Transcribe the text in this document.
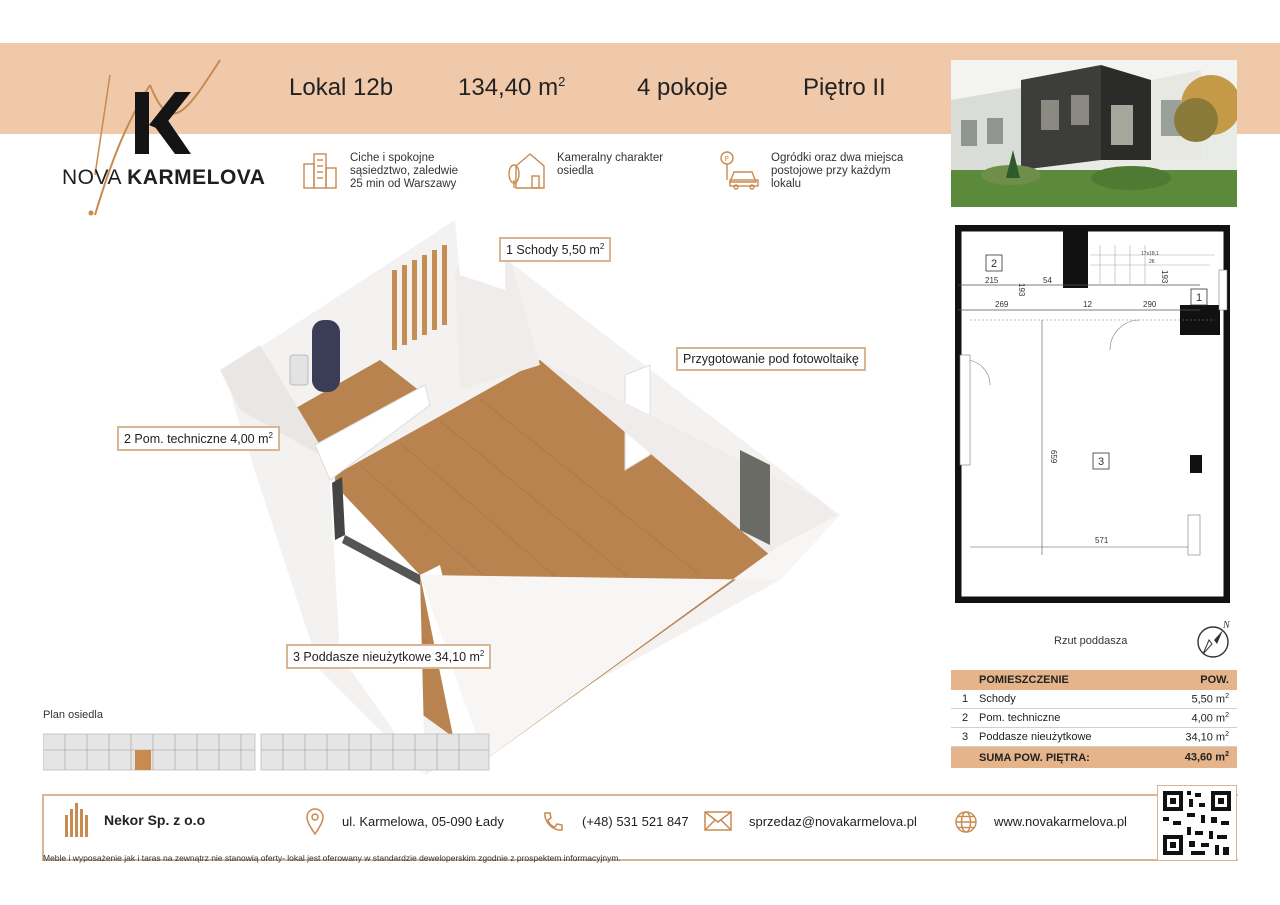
NOVA KARMELOVA
Lokal 12b	134,40 $m^2$	4 pokoje	Piętro II
Ciche i spokojne sąsiedztwo, zaledwie 25 min od Warszawy
Kameralny charakter osiedla
P	Ogródki oraz dwa miejsca postojowe przy każdym lokalu
1 Schody 5,50 $m^2$
Przygotowanie pod fotowoltaikę
2 Pom. techniczne 4,00 $m^2$
3 Poddasze nieużytkowe 34,10 $m^2$
Plan osiedla
215
193
54	193
269	12	290
659
571
17x18,1
26
2
1
3
Rzut poddasza
N
POMIESZCZENIE	POW.
1 Schody	5,50 $m^2$
2 Pom. techniczne	4,00 $m^2$
3 Poddasze nieużytkowe	34,10 $m^2$
SUMA POW. PIĘTRA:	43,60 $m^2$
Nekor Sp. z o.o	ul. Karmelowa, 05-090 Łady	(+48) 531 521 847	sprzedaz@novakarmelova.pl	www.novakarmelova.pl
Meble i wyposażenie jak i taras na zewnątrz nie stanowią oferty- lokal jest oferowany w standardzie deweloperskim zgodnie z prospektem informacyjnym.
